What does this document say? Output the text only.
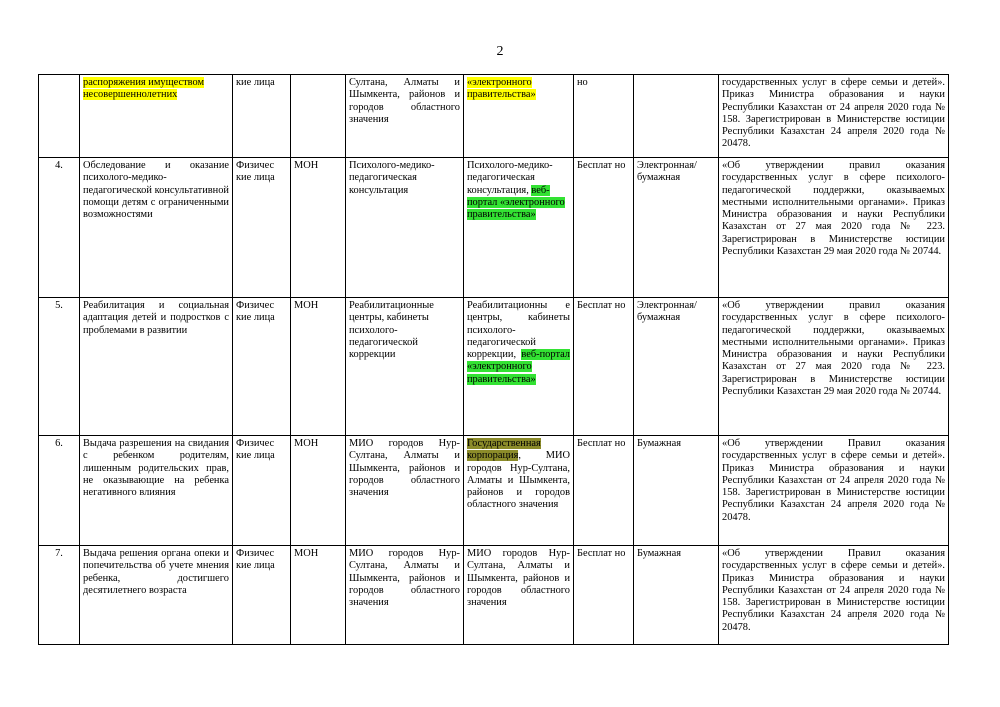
2
	распоряжения имуществом несовершеннолетних	кие лица		Султана, Алматы и Шымкента, районов и городов областного значения	«электронного правительства»	но		государственных услуг в сфере семьи и детей». Приказ Министра образования и науки Республики Казахстан от 24 апреля 2020 года № 158. Зарегистрирован в Министерстве юстиции Республики Казахстан 24 апреля 2020 года № 20478.
4.	Обследование и оказание психолого-медико-педагогической консультативной помощи детям с ограниченными возможностями	Физичес кие лица	МОН	Психолого-медико-педагогическая консультация	Психолого-медико-педагогическая консультация, веб-портал «электронного правительства»	Бесплат но	Электронная/ бумажная	«Об утверждении правил оказания государственных услуг в сфере психолого-педагогической поддержки, оказываемых местными исполнительными органами». Приказ Министра образования и науки Республики Казахстан от 27 мая 2020 года № 223. Зарегистрирован в Министерстве юстиции Республики Казахстан 29 мая 2020 года № 20744.
5.	Реабилитация и социальная адаптация детей и подростков с проблемами в развитии	Физичес кие лица	МОН	Реабилитационные центры, кабинеты психолого-педагогической коррекции	Реабилитационны е центры, кабинеты психолого-педагогической коррекции, веб-портал «электронного правительства»	Бесплат но	Электронная/ бумажная	«Об утверждении правил оказания государственных услуг в сфере психолого-педагогической поддержки, оказываемых местными исполнительными органами». Приказ Министра образования и науки Республики Казахстан от 27 мая 2020 года № 223. Зарегистрирован в Министерстве юстиции Республики Казахстан 29 мая 2020 года № 20744.
6.	Выдача разрешения на свидания с ребенком родителям, лишенным родительских прав, не оказывающие на ребенка негативного влияния	Физичес кие лица	МОН	МИО городов Нур-Султана, Алматы и Шымкента, районов и городов областного значения	Государственная корпорация, МИО городов Нур-Султана, Алматы и Шымкента, районов и городов областного значения	Бесплат но	Бумажная	«Об утверждении Правил оказания государственных услуг в сфере семьи и детей». Приказ Министра образования и науки Республики Казахстан от 24 апреля 2020 года № 158. Зарегистрирован в Министерстве юстиции Республики Казахстан 24 апреля 2020 года № 20478.
7.	Выдача решения органа опеки и попечительства об учете мнения ребенка, достигшего десятилетнего возраста	Физичес кие лица	МОН	МИО городов Нур-Султана, Алматы и Шымкента, районов и городов областного значения	МИО городов Нур-Султана, Алматы и Шымкента, районов и городов областного значения	Бесплат но	Бумажная	«Об утверждении Правил оказания государственных услуг в сфере семьи и детей». Приказ Министра образования и науки Республики Казахстан от 24 апреля 2020 года № 158. Зарегистрирован в Министерстве юстиции Республики Казахстан 24 апреля 2020 года № 20478.
